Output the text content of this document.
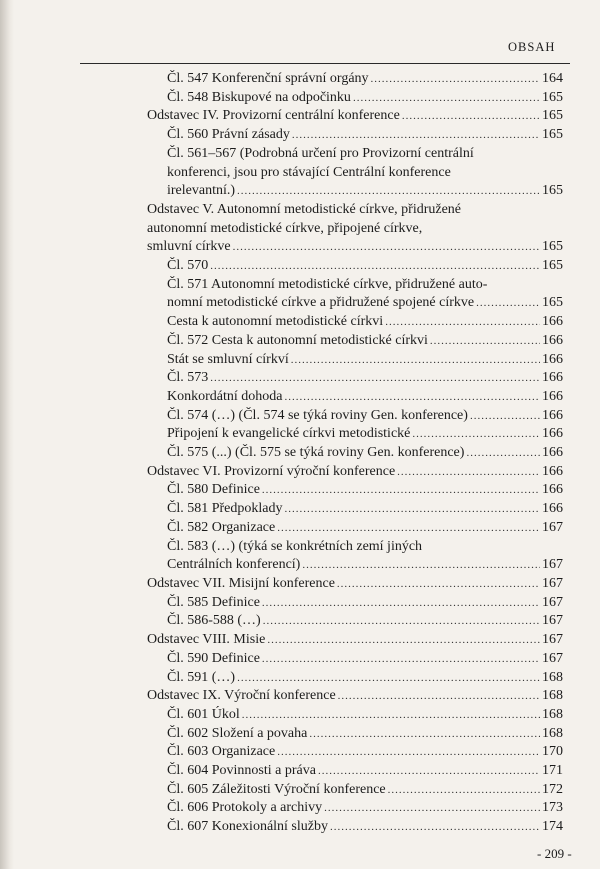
OBSAH
Čl. 547 Konferenční správní orgány .....	164
Čl. 548 Biskupové na odpočinku .....	165
Odstavec IV. Provizorní centrální konference .....	165
Čl. 560 Právní zásady .....	165
Čl. 561–567 (Podrobná určení pro Provizorní centrální
konferenci, jsou pro stávající Centrální konference
irelevantní.) .....	165
Odstavec V. Autonomní metodistické církve, přidružené
autonomní metodistické církve, připojené církve,
smluvní církve .....	165
Čl. 570 .....	165
Čl. 571 Autonomní metodistické církve, přidružené auto-
nomní metodistické církve a přidružené spojené církve .....	165
Cesta k autonomní metodistické církvi .....	166
Čl. 572 Cesta k autonomní metodistické církvi .....	166
Stát se smluvní církví .....	166
Čl. 573 .....	166
Konkordátní dohoda .....	166
Čl. 574 (…) (Čl. 574 se týká roviny Gen. konference) .....	166
Připojení k evangelické církvi metodistické .....	166
Čl. 575 (...) (Čl. 575 se týká roviny Gen. konference) .....	166
Odstavec VI. Provizorní výroční konference .....	166
Čl. 580 Definice .....	166
Čl. 581 Předpoklady .....	166
Čl. 582 Organizace .....	167
Čl. 583 (…) (týká se konkrétních zemí jiných
Centrálních konferencí) .....	167
Odstavec VII. Misijní konference .....	167
Čl. 585 Definice .....	167
Čl. 586-588 (…) .....	167
Odstavec VIII. Misie .....	167
Čl. 590 Definice .....	167
Čl. 591 (…) .....	168
Odstavec IX. Výroční konference .....	168
Čl. 601 Úkol .....	168
Čl. 602 Složení a povaha .....	168
Čl. 603 Organizace .....	170
Čl. 604 Povinnosti a práva .....	171
Čl. 605 Záležitosti Výroční konference .....	172
Čl. 606 Protokoly a archivy .....	173
Čl. 607 Konexionální služby .....	174
- 209 -
